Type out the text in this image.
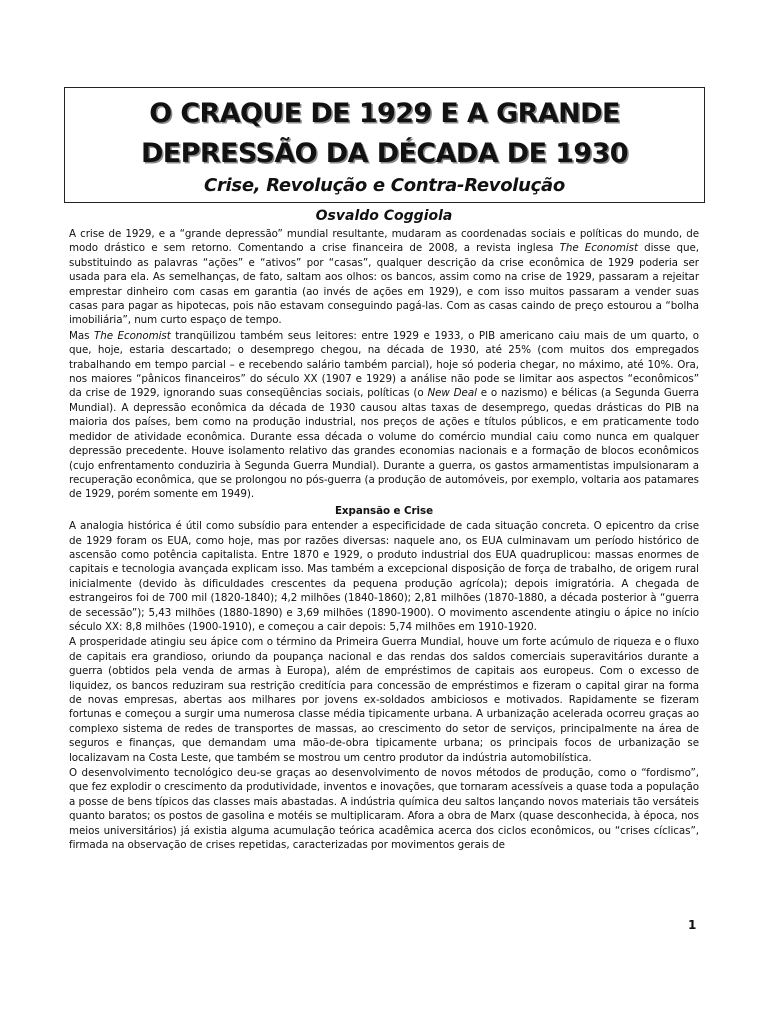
O CRAQUE DE 1929 E A GRANDE
DEPRESSÃO DA DÉCADA DE 1930
Crise, Revolução e Contra-Revolução
Osvaldo Coggiola

A crise de 1929, e a “grande depressão” mundial resultante, mudaram as coordenadas sociais e políticas do mundo, de modo drástico e sem retorno. Comentando a crise financeira de 2008, a revista inglesa The Economist disse que, substituindo as palavras “ações” e “ativos” por “casas”, qualquer descrição da crise econômica de 1929 poderia ser usada para ela. As semelhanças, de fato, saltam aos olhos: os bancos, assim como na crise de 1929, passaram a rejeitar emprestar dinheiro com casas em garantia (ao invés de ações em 1929), e com isso muitos passaram a vender suas casas para pagar as hipotecas, pois não estavam conseguindo pagá-las. Com as casas caindo de preço estourou a “bolha imobiliária”, num curto espaço de tempo.

Mas The Economist tranqüilizou também seus leitores: entre 1929 e 1933, o PIB americano caiu mais de um quarto, o que, hoje, estaria descartado; o desemprego chegou, na década de 1930, até 25% (com muitos dos empregados trabalhando em tempo parcial – e recebendo salário também parcial), hoje só poderia chegar, no máximo, até 10%. Ora, nos maiores “pânicos financeiros” do século XX (1907 e 1929) a análise não pode se limitar aos aspectos “econômicos” da crise de 1929, ignorando suas conseqüências sociais, políticas (o New Deal e o nazismo) e bélicas (a Segunda Guerra Mundial). A depressão econômica da década de 1930 causou altas taxas de desemprego, quedas drásticas do PIB na maioria dos países, bem como na produção industrial, nos preços de ações e títulos públicos, e em praticamente todo medidor de atividade econômica. Durante essa década o volume do comércio mundial caiu como nunca em qualquer depressão precedente. Houve isolamento relativo das grandes economias nacionais e a formação de blocos econômicos (cujo enfrentamento conduziria à Segunda Guerra Mundial). Durante a guerra, os gastos armamentistas impulsionaram a recuperação econômica, que se prolongou no pós-guerra (a produção de automóveis, por exemplo, voltaria aos patamares de 1929, porém somente em 1949).

Expansão e Crise

A analogia histórica é útil como subsídio para entender a especificidade de cada situação concreta. O epicentro da crise de 1929 foram os EUA, como hoje, mas por razões diversas: naquele ano, os EUA culminavam um período histórico de ascensão como potência capitalista. Entre 1870 e 1929, o produto industrial dos EUA quadruplicou: massas enormes de capitais e tecnologia avançada explicam isso. Mas também a excepcional disposição de força de trabalho, de origem rural inicialmente (devido às dificuldades crescentes da pequena produção agrícola); depois imigratória. A chegada de estrangeiros foi de 700 mil (1820-1840); 4,2 milhões (1840-1860); 2,81 milhões (1870-1880, a década posterior à “guerra de secessão”); 5,43 milhões (1880-1890) e 3,69 milhões (1890-1900). O movimento ascendente atingiu o ápice no início século XX: 8,8 milhões (1900-1910), e começou a cair depois: 5,74 milhões em 1910-1920.

A prosperidade atingiu seu ápice com o término da Primeira Guerra Mundial, houve um forte acúmulo de riqueza e o fluxo de capitais era grandioso, oriundo da poupança nacional e das rendas dos saldos comerciais superavitários durante a guerra (obtidos pela venda de armas à Europa), além de empréstimos de capitais aos europeus. Com o excesso de liquidez, os bancos reduziram sua restrição creditícia para concessão de empréstimos e fizeram o capital girar na forma de novas empresas, abertas aos milhares por jovens ex-soldados ambiciosos e motivados. Rapidamente se fizeram fortunas e começou a surgir uma numerosa classe média tipicamente urbana. A urbanização acelerada ocorreu graças ao complexo sistema de redes de transportes de massas, ao crescimento do setor de serviços, principalmente na área de seguros e finanças, que demandam uma mão-de-obra tipicamente urbana; os principais focos de urbanização se localizavam na Costa Leste, que também se mostrou um centro produtor da indústria automobilística.

O desenvolvimento tecnológico deu-se graças ao desenvolvimento de novos métodos de produção, como o “fordismo”, que fez explodir o crescimento da produtividade, inventos e inovações, que tornaram acessíveis a quase toda a população a posse de bens típicos das classes mais abastadas. A indústria química deu saltos lançando novos materiais tão versáteis quanto baratos; os postos de gasolina e motéis se multiplicaram. Afora a obra de Marx (quase desconhecida, à época, nos meios universitários) já existia alguma acumulação teórica acadêmica acerca dos ciclos econômicos, ou “crises cíclicas”, firmada na observação de crises repetidas, caracterizadas por movimentos gerais de

1
